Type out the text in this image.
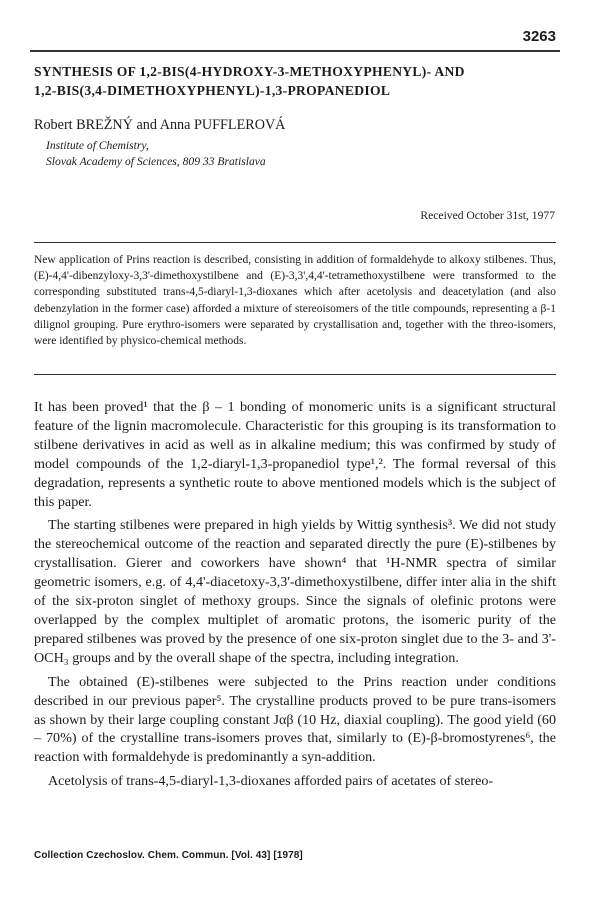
3263
SYNTHESIS OF 1,2-BIS(4-HYDROXY-3-METHOXYPHENYL)- AND
1,2-BIS(3,4-DIMETHOXYPHENYL)-1,3-PROPANEDIOL
Robert BREŽNÝ and Anna PUFFLEROVÁ
Institute of Chemistry,
Slovak Academy of Sciences, 809 33 Bratislava
Received October 31st, 1977
New application of Prins reaction is described, consisting in addition of formaldehyde to alkoxy stilbenes. Thus, (E)-4,4'-dibenzyloxy-3,3'-dimethoxystilbene and (E)-3,3',4,4'-tetramethoxystilbene were transformed to the corresponding substituted trans-4,5-diaryl-1,3-dioxanes which after acetolysis and deacetylation (and also debenzylation in the former case) afforded a mixture of stereoisomers of the title compounds, representing a β-1 dilignol grouping. Pure erythro-isomers were separated by crystallisation and, together with the threo-isomers, were identified by physico-chemical methods.

It has been proved¹ that the β – 1 bonding of monomeric units is a significant structural feature of the lignin macromolecule. Characteristic for this grouping is its transformation to stilbene derivatives in acid as well as in alkaline medium; this was confirmed by study of model compounds of the 1,2-diaryl-1,3-propanediol type¹,². The formal reversal of this degradation, represents a synthetic route to above mentioned models which is the subject of this paper.

The starting stilbenes were prepared in high yields by Wittig synthesis³. We did not study the stereochemical outcome of the reaction and separated directly the pure (E)-stilbenes by crystallisation. Gierer and coworkers have shown⁴ that ¹H-NMR spectra of similar geometric isomers, e.g. of 4,4'-diacetoxy-3,3'-dimethoxystilbene, differ inter alia in the shift of the six-proton singlet of methoxy groups. Since the signals of olefinic protons were overlapped by the complex multiplet of aromatic protons, the isomeric purity of the prepared stilbenes was proved by the presence of one six-proton singlet due to the 3- and 3'-OCH₃ groups and by the overall shape of the spectra, including integration.

The obtained (E)-stilbenes were subjected to the Prins reaction under conditions described in our previous paper⁵. The crystalline products proved to be pure trans-isomers as shown by their large coupling constant Jαβ (10 Hz, diaxial coupling). The good yield (60 – 70%) of the crystalline trans-isomers proves that, similarly to (E)-β-bromostyrenes⁶, the reaction with formaldehyde is predominantly a syn-addition.

Acetolysis of trans-4,5-diaryl-1,3-dioxanes afforded pairs of acetates of stereo-

Collection Czechoslov. Chem. Commun. [Vol. 43] [1978]
